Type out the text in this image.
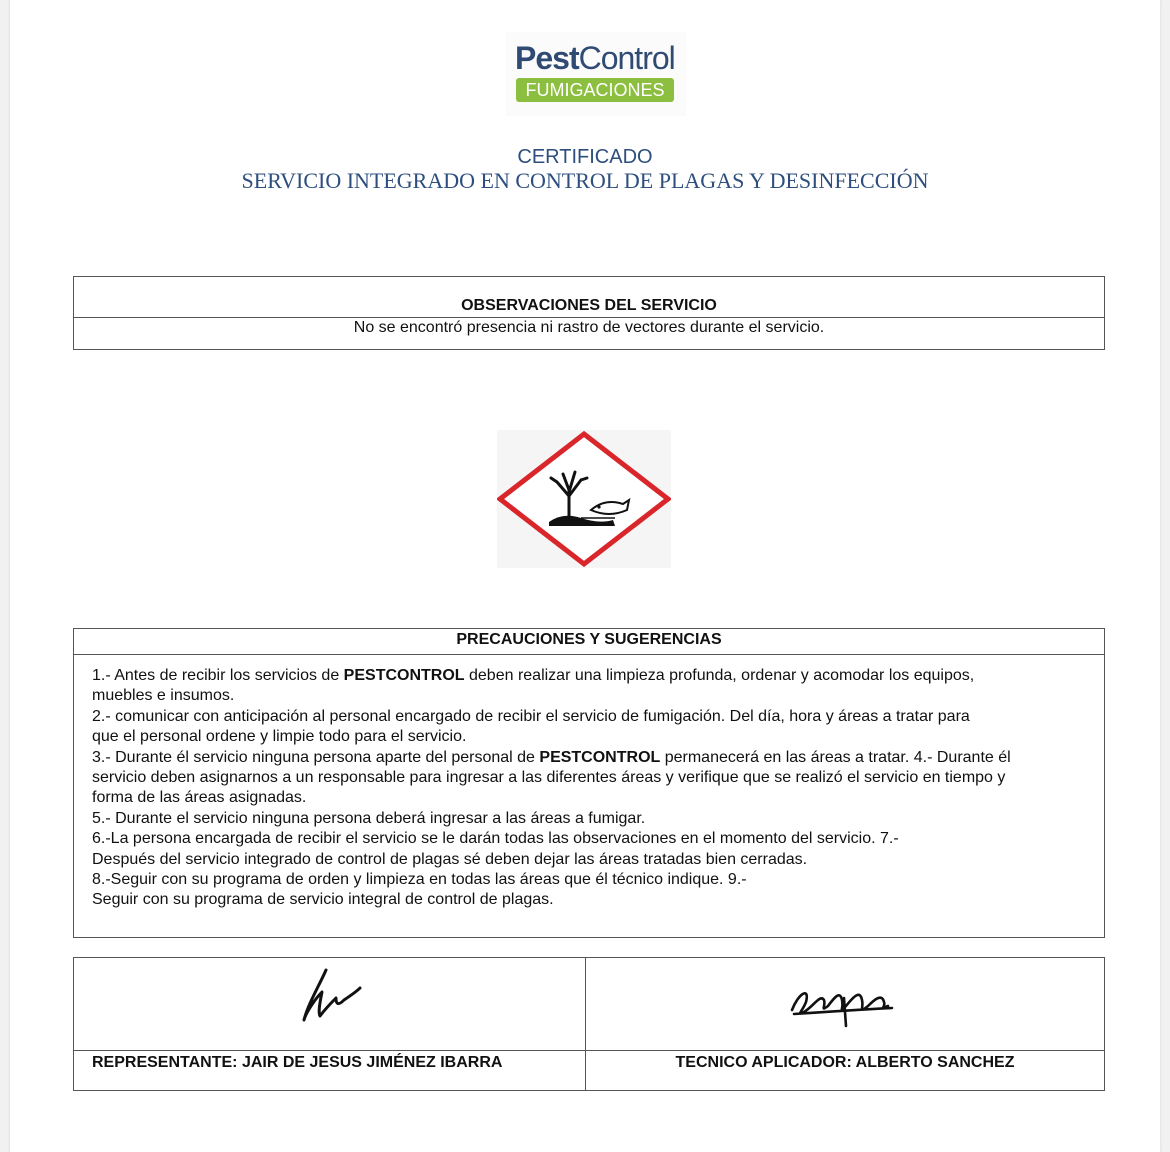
PestControl
FUMIGACIONES
CERTIFICADO
SERVICIO INTEGRADO EN CONTROL DE PLAGAS Y DESINFECCIÓN
OBSERVACIONES DEL SERVICIO
No se encontró presencia ni rastro de vectores durante el servicio.
PRECAUCIONES Y SUGERENCIAS

1.- Antes de recibir los servicios de PESTCONTROL deben realizar una limpieza profunda, ordenar y acomodar los equipos,

muebles e insumos.

2.- comunicar con anticipación al personal encargado de recibir el servicio de fumigación. Del día, hora y áreas a tratar para

que el personal ordene y limpie todo para el servicio.

3.- Durante él servicio ninguna persona aparte del personal de PESTCONTROL permanecerá en las áreas a tratar. 4.- Durante él

servicio deben asignarnos a un responsable para ingresar a las diferentes áreas y verifique que se realizó el servicio en tiempo y

forma de las áreas asignadas.

5.- Durante el servicio ninguna persona deberá ingresar a las áreas a fumigar.

6.-La persona encargada de recibir el servicio se le darán todas las observaciones en el momento del servicio. 7.-

Después del servicio integrado de control de plagas sé deben dejar las áreas tratadas bien cerradas.

8.-Seguir con su programa de orden y limpieza en todas las áreas que él técnico indique. 9.-

Seguir con su programa de servicio integral de control de plagas.

REPRESENTANTE: JAIR DE JESUS JIMÉNEZ IBARRA	TECNICO APLICADOR: ALBERTO SANCHEZ
